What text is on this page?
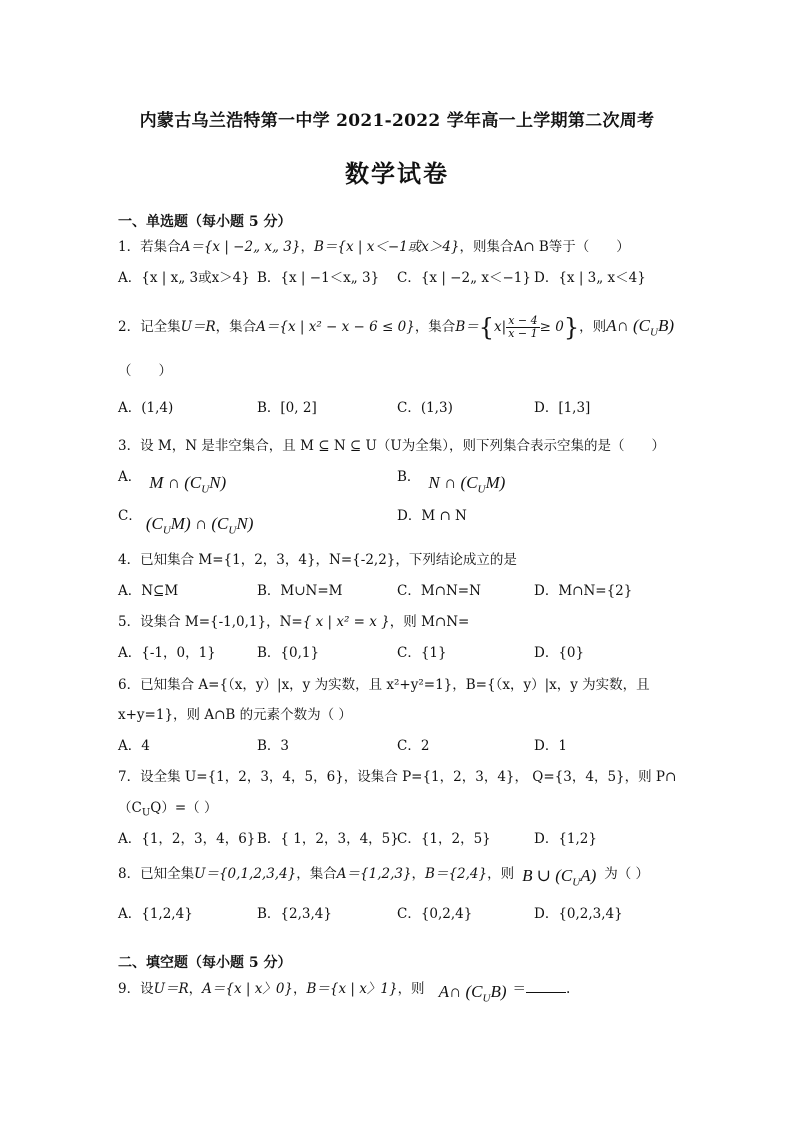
内蒙古乌兰浩特第一中学 2021-2022 学年高一上学期第二次周考
数学试卷
一、单选题（每小题 5 分）
1．若集合A＝{x | −2„ x„ 3}，B＝{x | x＜−1或x＞4}，则集合A∩ B等于（　　）
A．{x | x„ 3或x＞4} B．{x | −1＜x„ 3} C．{x | −2„ x＜−1} D．{x | 3„ x＜4}
2．记全集U＝R，集合A＝{x | x² − x − 6 ≤ 0}，集合$B=\{x| \frac{x - 4}{x - 1} \ge 0\}$，则A∩ $(C_UB)$
（　　）
A．(1,4)	B．[0, 2]	C．(1,3)	D．[1,3]
3．设 M，N 是非空集合，且 M ⊆ N ⊆ U（U为全集），则下列集合表示空集的是（　　）
A． M ∩ $(C_UN)$	B． N ∩ $(C_UM)$
C． $(C_UM)$ ∩ $(C_UN)$	D．M ∩ N
4．已知集合 M={1，2，3，4}，N={-2,2}，下列结论成立的是
A．N⊆M	B．M∪N=M	C．M∩N=N	D．M∩N={2}
5．设集合 M={-1,0,1}，N={ x | x² = x }，则 M∩N=
A．{-1，0，1}	B．{0,1}	C．{1}	D．{0}
6．已知集合 A={（x，y）|x，y 为实数，且 x²+y²=1}，B={（x，y）|x，y 为实数，且
x+y=1}，则 A∩B 的元素个数为（ ）
A．4	B．3	C．2	D．1
7．设全集 U={1，2，3，4，5，6}，设集合 P={1，2，3，4}， Q={3，4，5}，则 P∩
$(C_UQ)=$（ ）
A．{1，2，3，4，6} B．{ 1，2，3，4，5}
C．{1，2，5}	D．{1,2}
8．已知全集U＝{0,1,2,3,4}，集合A＝{1,2,3}，B＝{2,4}，则 B ∪ $(C_UA)$ 为（ ）
A．{1,2,4}	B．{2,3,4}	C．{0,2,4}	D．{0,2,3,4}
二、填空题（每小题 5 分）
9．设U＝R，A＝{x | x〉0}，B＝{x | x〉1}，则 A∩ $(C_UB)$ ＝	.
